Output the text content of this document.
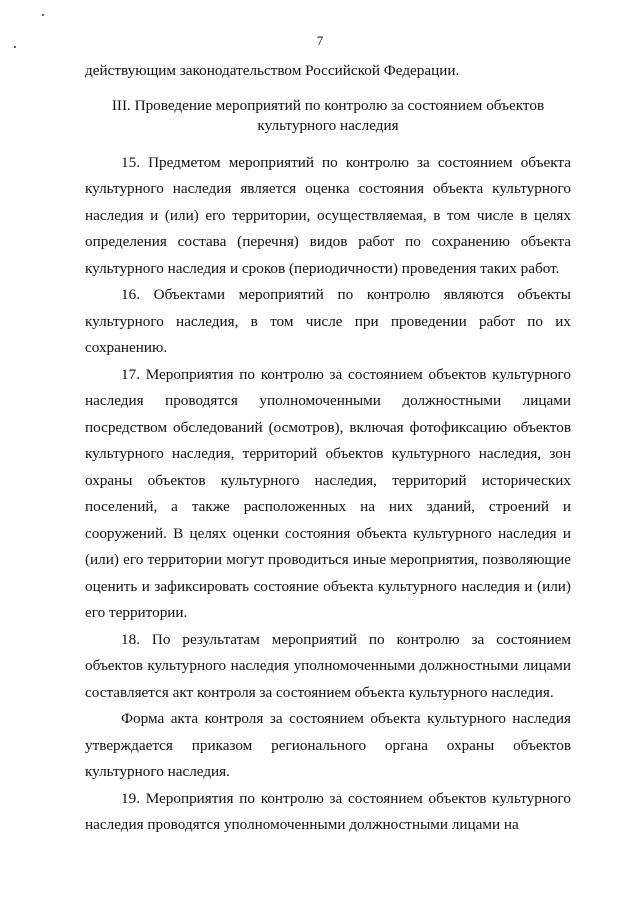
7

действующим законодательством Российской Федерации.

III. Проведение мероприятий по контролю за состоянием объектов культурного наследия

15. Предметом мероприятий по контролю за состоянием объекта культурного наследия является оценка состояния объекта культурного наследия и (или) его территории, осуществляемая, в том числе в целях определения состава (перечня) видов работ по сохранению объекта культурного наследия и сроков (периодичности) проведения таких работ.

16. Объектами мероприятий по контролю являются объекты культурного наследия, в том числе при проведении работ по их сохранению.

17. Мероприятия по контролю за состоянием объектов культурного наследия проводятся уполномоченными должностными лицами посредством обследований (осмотров), включая фотофиксацию объектов культурного наследия, территорий объектов культурного наследия, зон охраны объектов культурного наследия, территорий исторических поселений, а также расположенных на них зданий, строений и сооружений. В целях оценки состояния объекта культурного наследия и (или) его территории могут проводиться иные мероприятия, позволяющие оценить и зафиксировать состояние объекта культурного наследия и (или) его территории.

18. По результатам мероприятий по контролю за состоянием объектов культурного наследия уполномоченными должностными лицами составляется акт контроля за состоянием объекта культурного наследия.

Форма акта контроля за состоянием объекта культурного наследия утверждается приказом регионального органа охраны объектов культурного наследия.

19. Мероприятия по контролю за состоянием объектов культурного наследия проводятся уполномоченными должностными лицами на
